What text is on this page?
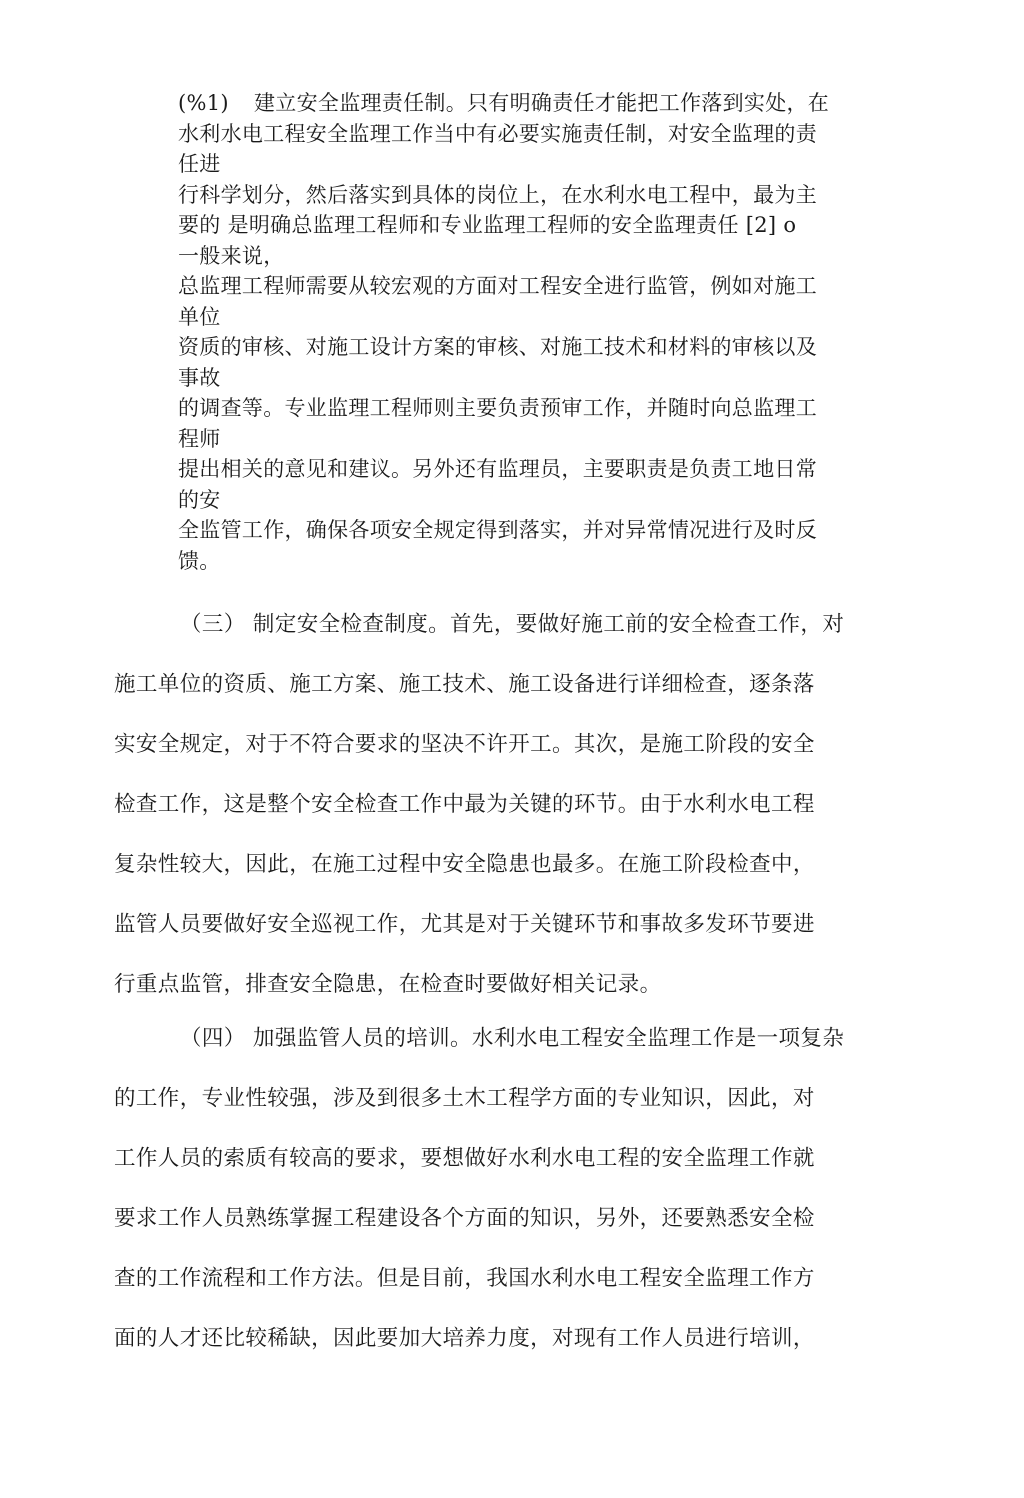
(%1) 建立安全监理责任制。只有明确责任才能把工作落到实处，在
水利水电工程安全监理工作当中有必要实施责任制，对安全监理的责
任进
行科学划分，然后落实到具体的岗位上，在水利水电工程中，最为主
要的 是明确总监理工程师和专业监理工程师的安全监理责任 [2] o
一般来说，
总监理工程师需要从较宏观的方面对工程安全进行监管，例如对施工
单位
资质的审核、对施工设计方案的审核、对施工技术和材料的审核以及
事故
的调查等。专业监理工程师则主要负责预审工作，并随时向总监理工
程师
提出相关的意见和建议。另外还有监理员，主要职责是负责工地日常
的安
全监管工作，确保各项安全规定得到落实，并对异常情况进行及时反
馈。
（三） 制定安全检查制度。首先，要做好施工前的安全检查工作，对
施工单位的资质、施工方案、施工技术、施工设备进行详细检查，逐条落
实安全规定，对于不符合要求的坚决不许开工。其次，是施工阶段的安全
检查工作，这是整个安全检查工作中最为关键的环节。由于水利水电工程
复杂性较大，因此，在施工过程中安全隐患也最多。在施工阶段检查中，
监管人员要做好安全巡视工作，尤其是对于关键环节和事故多发环节要进
行重点监管，排查安全隐患，在检查时要做好相关记录。
（四） 加强监管人员的培训。水利水电工程安全监理工作是一项复杂
的工作，专业性较强，涉及到很多土木工程学方面的专业知识，因此，对
工作人员的索质有较高的要求，要想做好水利水电工程的安全监理工作就
要求工作人员熟练掌握工程建设各个方面的知识，另外，还要熟悉安全检
查的工作流程和工作方法。但是目前，我国水利水电工程安全监理工作方
面的人才还比较稀缺，因此要加大培养力度，对现有工作人员进行培训，
